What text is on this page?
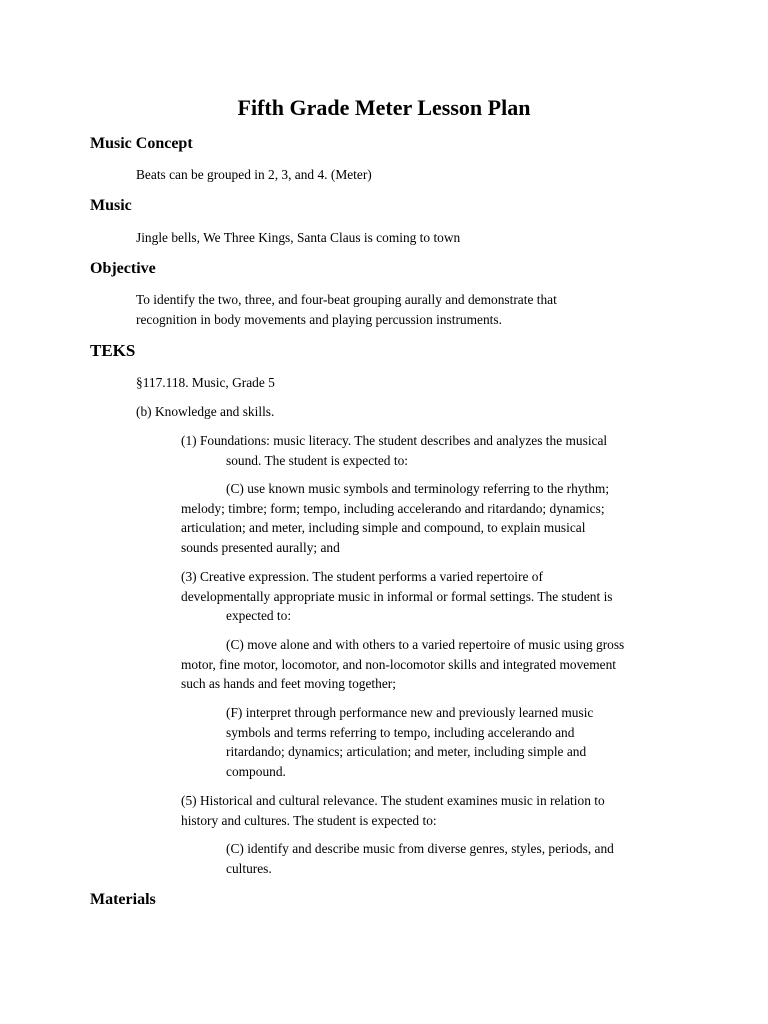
Fifth Grade Meter Lesson Plan
Music Concept

Beats can be grouped in 2, 3, and 4. (Meter)

Music

Jingle bells, We Three Kings, Santa Claus is coming to town

Objective

To identify the two, three, and four-beat grouping aurally and demonstrate that
recognition in body movements and playing percussion instruments.

TEKS

§117.118. Music, Grade 5

(b) Knowledge and skills.

(1) Foundations: music literacy. The student describes and analyzes the musical
sound. The student is expected to:

(C) use known music symbols and terminology referring to the rhythm;
melody; timbre; form; tempo, including accelerando and ritardando; dynamics;
articulation; and meter, including simple and compound, to explain musical
sounds presented aurally; and

(3) Creative expression. The student performs a varied repertoire of
developmentally appropriate music in informal or formal settings. The student is
expected to:

(C) move alone and with others to a varied repertoire of music using gross
motor, fine motor, locomotor, and non-locomotor skills and integrated movement
such as hands and feet moving together;

(F) interpret through performance new and previously learned music
symbols and terms referring to tempo, including accelerando and
ritardando; dynamics; articulation; and meter, including simple and
compound.

(5) Historical and cultural relevance. The student examines music in relation to
history and cultures. The student is expected to:

(C) identify and describe music from diverse genres, styles, periods, and
cultures.

Materials
